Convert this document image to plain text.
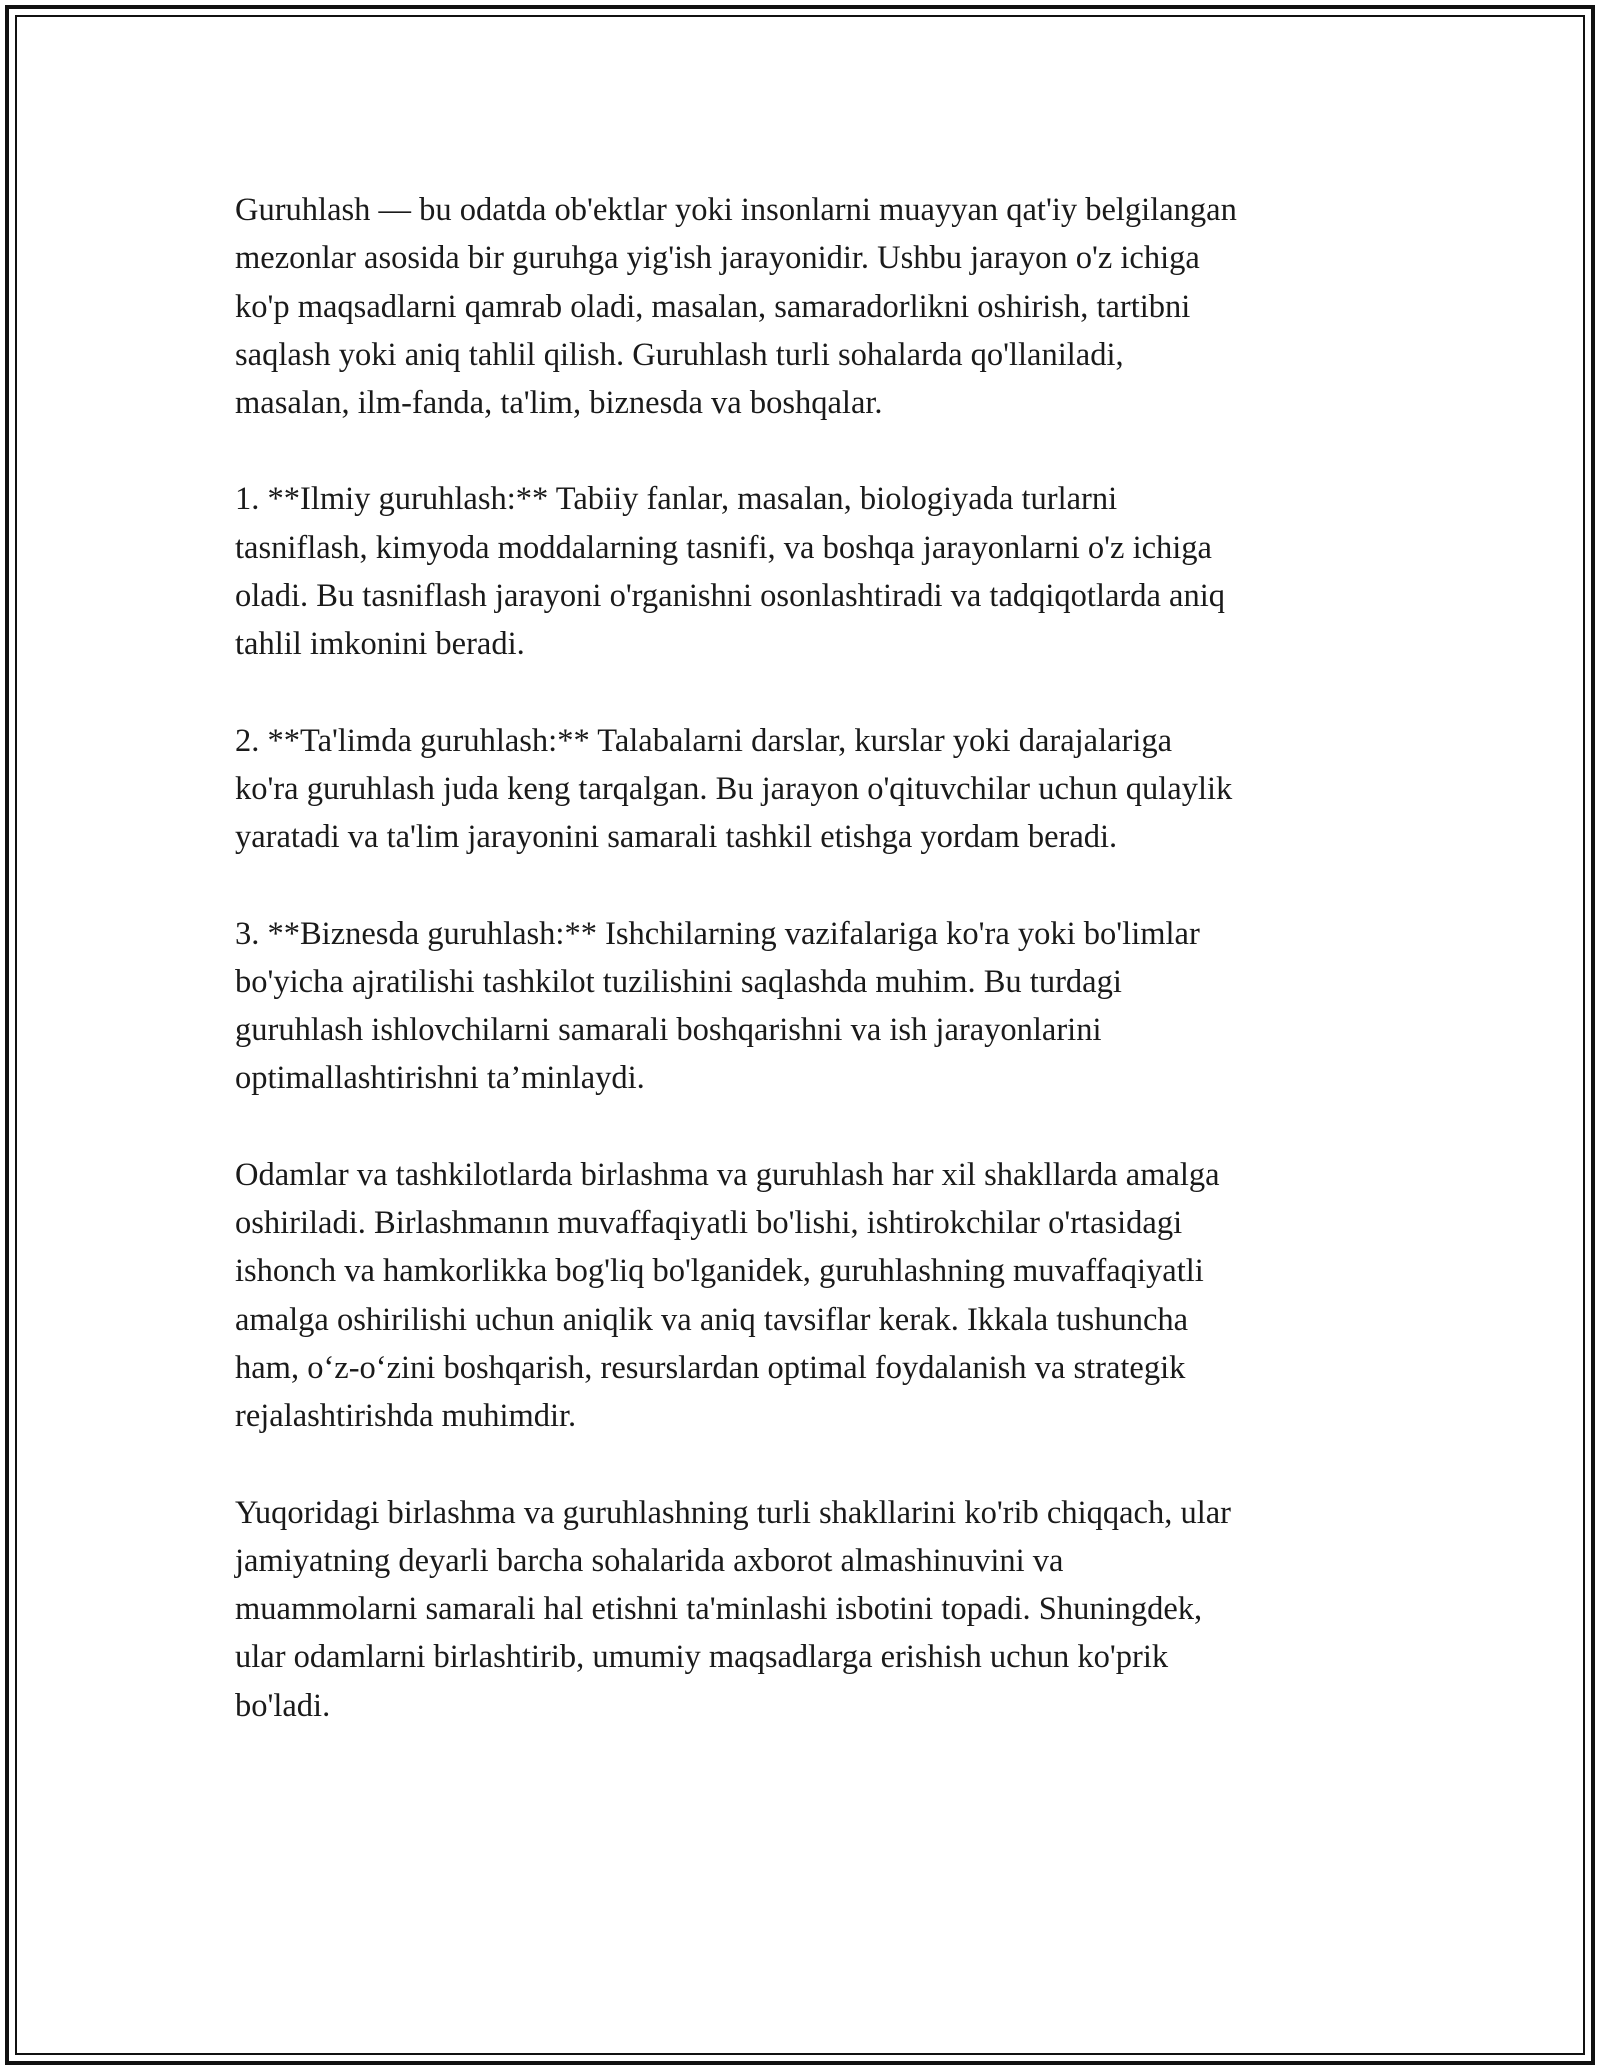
Guruhlash — bu odatda ob'ektlar yoki insonlarni muayyan qat'iy belgilangan
mezonlar asosida bir guruhga yig'ish jarayonidir. Ushbu jarayon o'z ichiga
ko'p maqsadlarni qamrab oladi, masalan, samaradorlikni oshirish, tartibni
saqlash yoki aniq tahlil qilish. Guruhlash turli sohalarda qo'llaniladi,
masalan, ilm-fanda, ta'lim, biznesda va boshqalar.

1. **Ilmiy guruhlash:** Tabiiy fanlar, masalan, biologiyada turlarni
tasniflash, kimyoda moddalarning tasnifi, va boshqa jarayonlarni o'z ichiga
oladi. Bu tasniflash jarayoni o'rganishni osonlashtiradi va tadqiqotlarda aniq
tahlil imkonini beradi.

2. **Ta'limda guruhlash:** Talabalarni darslar, kurslar yoki darajalariga
ko'ra guruhlash juda keng tarqalgan. Bu jarayon o'qituvchilar uchun qulaylik
yaratadi va ta'lim jarayonini samarali tashkil etishga yordam beradi.

3. **Biznesda guruhlash:** Ishchilarning vazifalariga ko'ra yoki bo'limlar
bo'yicha ajratilishi tashkilot tuzilishini saqlashda muhim. Bu turdagi
guruhlash ishlovchilarni samarali boshqarishni va ish jarayonlarini
optimallashtirishni ta’minlaydi.

Odamlar va tashkilotlarda birlashma va guruhlash har xil shakllarda amalga
oshiriladi. Birlashmanın muvaffaqiyatli bo'lishi, ishtirokchilar o'rtasidagi
ishonch va hamkorlikka bog'liq bo'lganidek, guruhlashning muvaffaqiyatli
amalga oshirilishi uchun aniqlik va aniq tavsiflar kerak. Ikkala tushuncha
ham, o‘z-o‘zini boshqarish, resurslardan optimal foydalanish va strategik
rejalashtirishda muhimdir.

Yuqoridagi birlashma va guruhlashning turli shakllarini ko'rib chiqqach, ular
jamiyatning deyarli barcha sohalarida axborot almashinuvini va
muammolarni samarali hal etishni ta'minlashi isbotini topadi. Shuningdek,
ular odamlarni birlashtirib, umumiy maqsadlarga erishish uchun ko'prik
bo'ladi.
